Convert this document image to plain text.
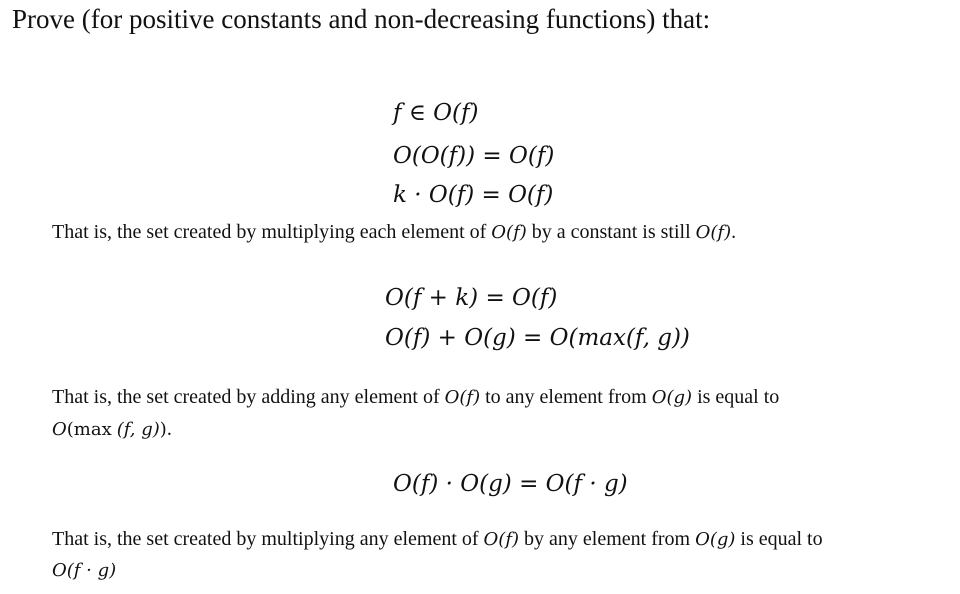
Prove (for positive constants and non-decreasing functions) that:
f ∈ O(f)
O(O(f)) = O(f)
k · O(f) = O(f)
That is, the set created by multiplying each element of O(f) by a constant is still O(f).
O(f + k) = O(f)
O(f) + O(g) = O(max(f, g))
That is, the set created by adding any element of O(f) to any element from O(g) is equal to
O(max (f, g)).
O(f) · O(g) = O(f · g)
That is, the set created by multiplying any element of O(f) by any element from O(g) is equal to
O(f · g)
